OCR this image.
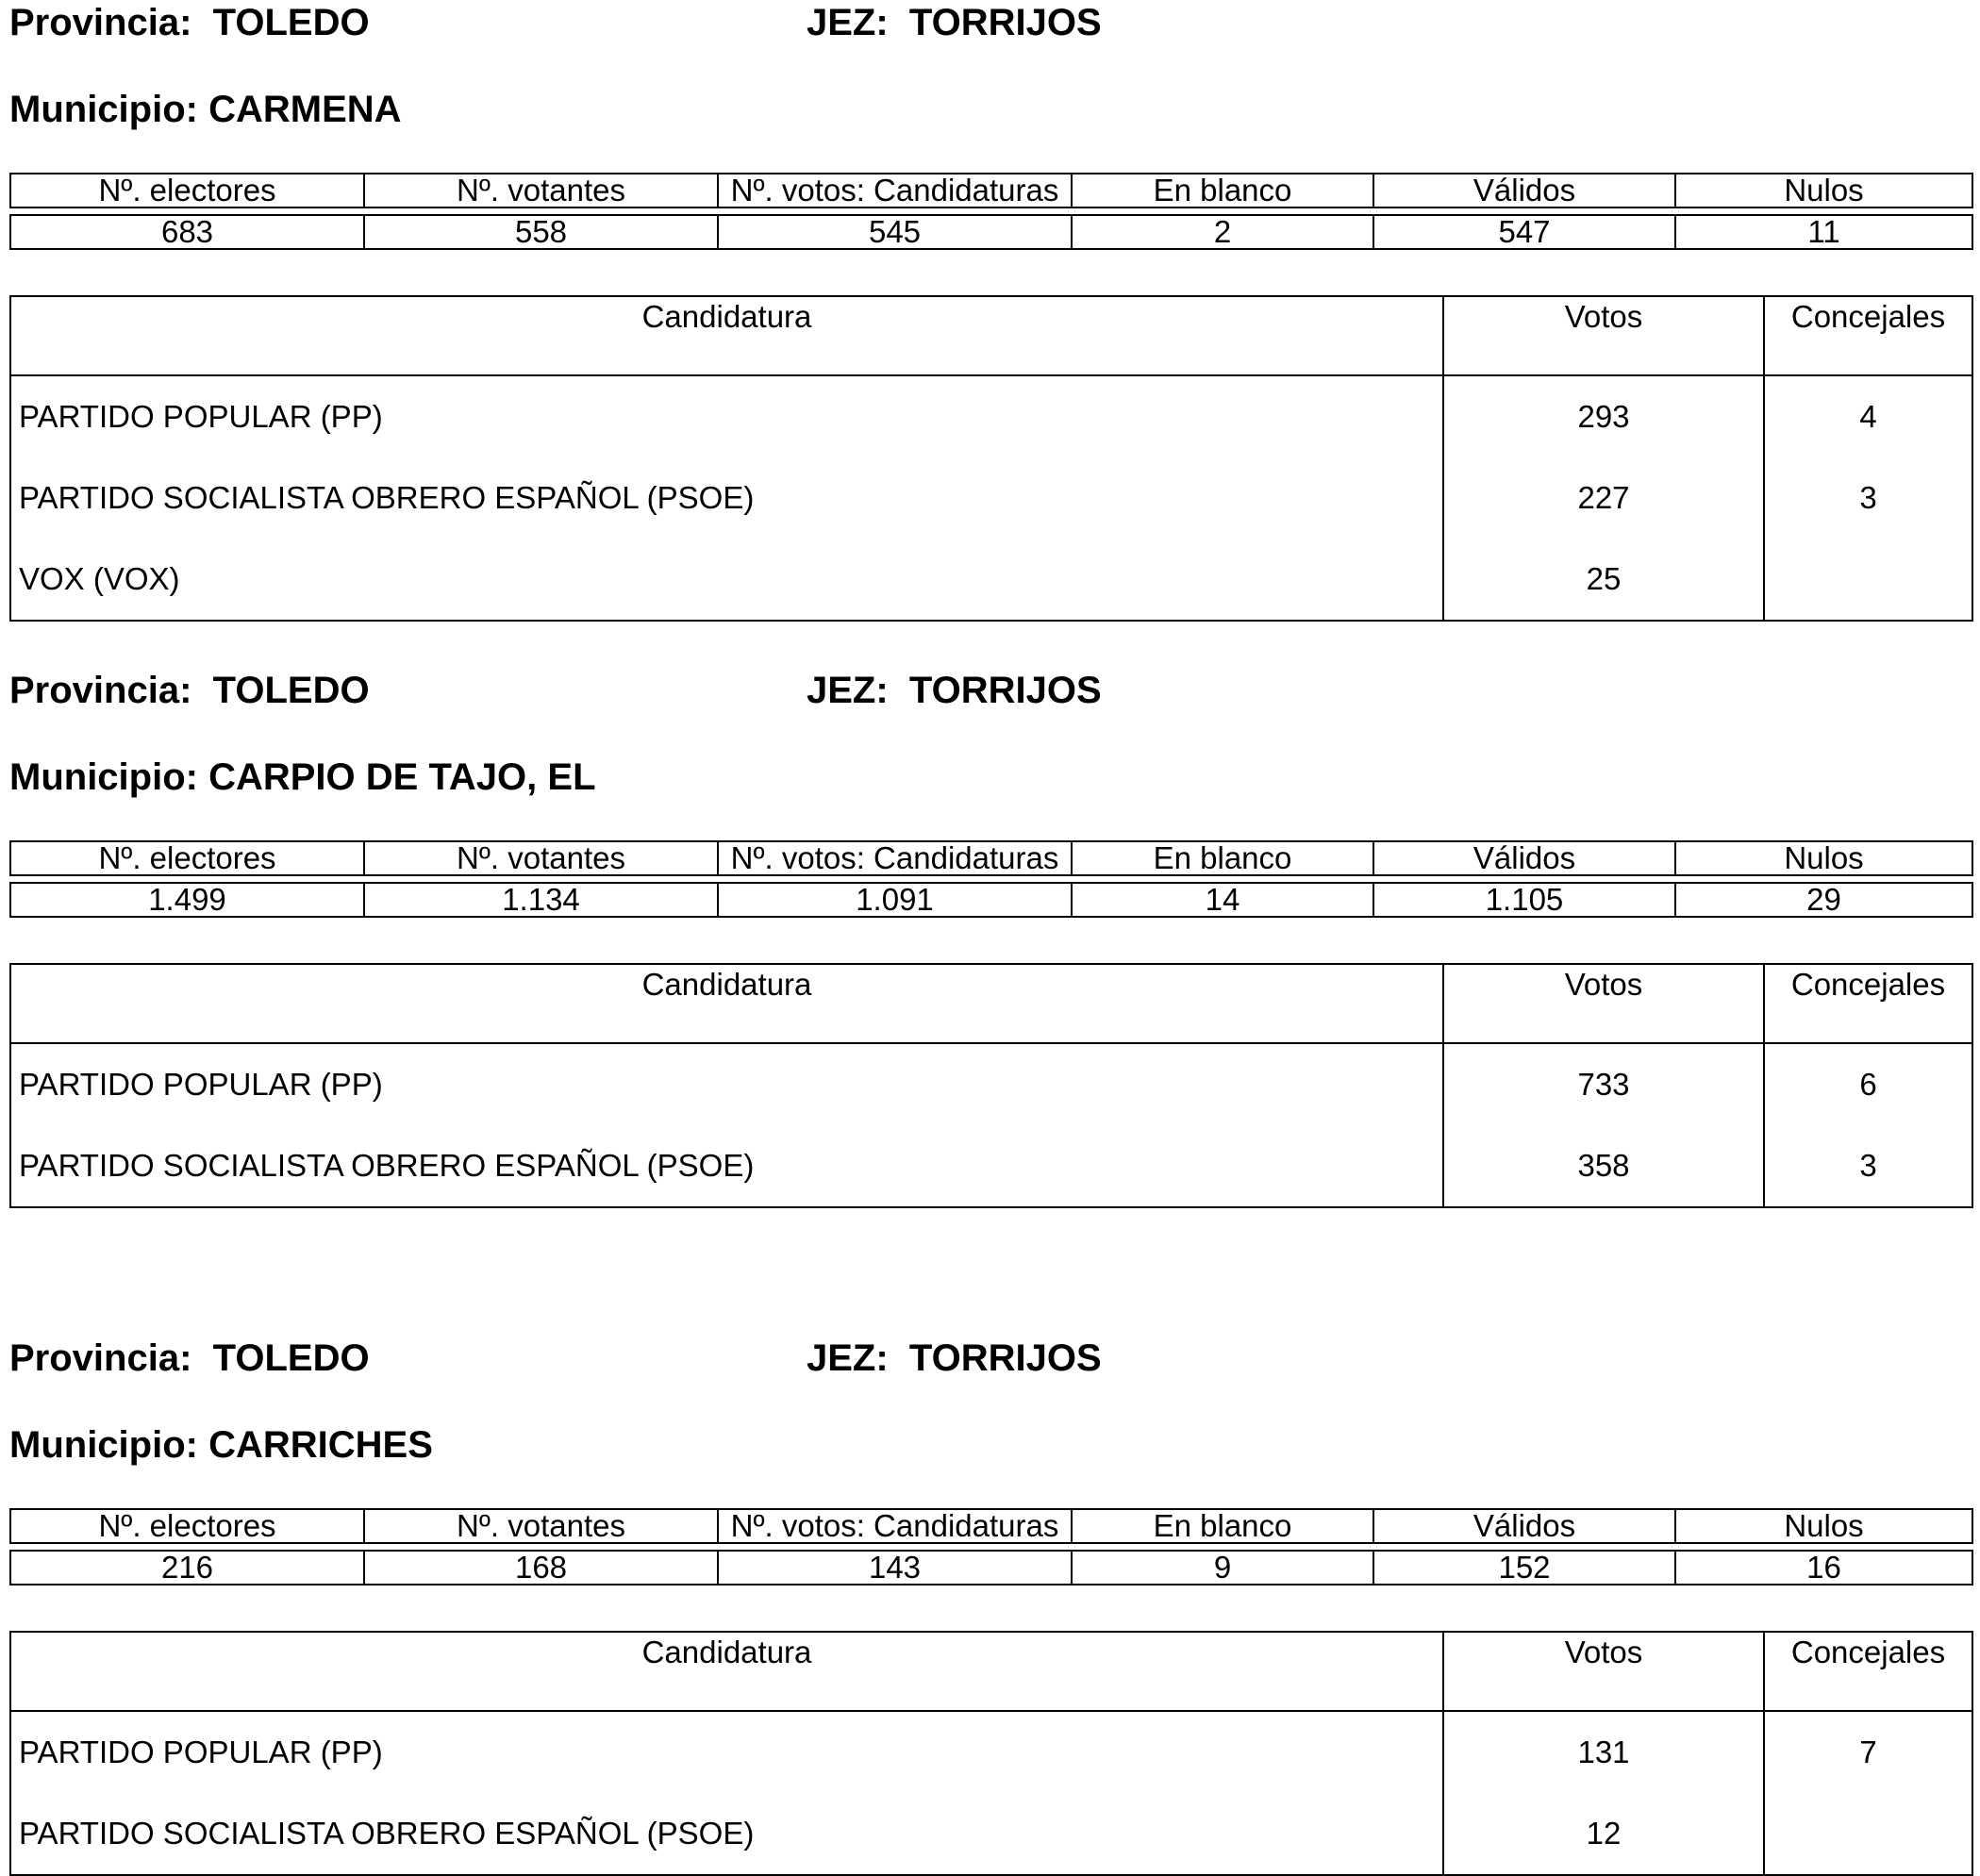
Provincia: TOLEDO	JEZ: TORRIJOS
Municipio: CARMENA
Nº. electores	Nº. votantes	Nº. votos: Candidaturas	En blanco	Válidos	Nulos

683	558	545	2	547	11
Candidatura	Votos	Concejales
PARTIDO POPULAR (PP)	293	4
PARTIDO SOCIALISTA OBRERO ESPAÑOL (PSOE)	227	3
VOX (VOX)	25	
Provincia: TOLEDO	JEZ: TORRIJOS
Municipio: CARPIO DE TAJO, EL
Nº. electores	Nº. votantes	Nº. votos: Candidaturas	En blanco	Válidos	Nulos

1.499	1.134	1.091	14	1.105	29
Candidatura	Votos	Concejales
PARTIDO POPULAR (PP)	733	6
PARTIDO SOCIALISTA OBRERO ESPAÑOL (PSOE)	358	3
Provincia: TOLEDO	JEZ: TORRIJOS
Municipio: CARRICHES
Nº. electores	Nº. votantes	Nº. votos: Candidaturas	En blanco	Válidos	Nulos

216	168	143	9	152	16
Candidatura	Votos	Concejales
PARTIDO POPULAR (PP)	131	7
PARTIDO SOCIALISTA OBRERO ESPAÑOL (PSOE)	12	
